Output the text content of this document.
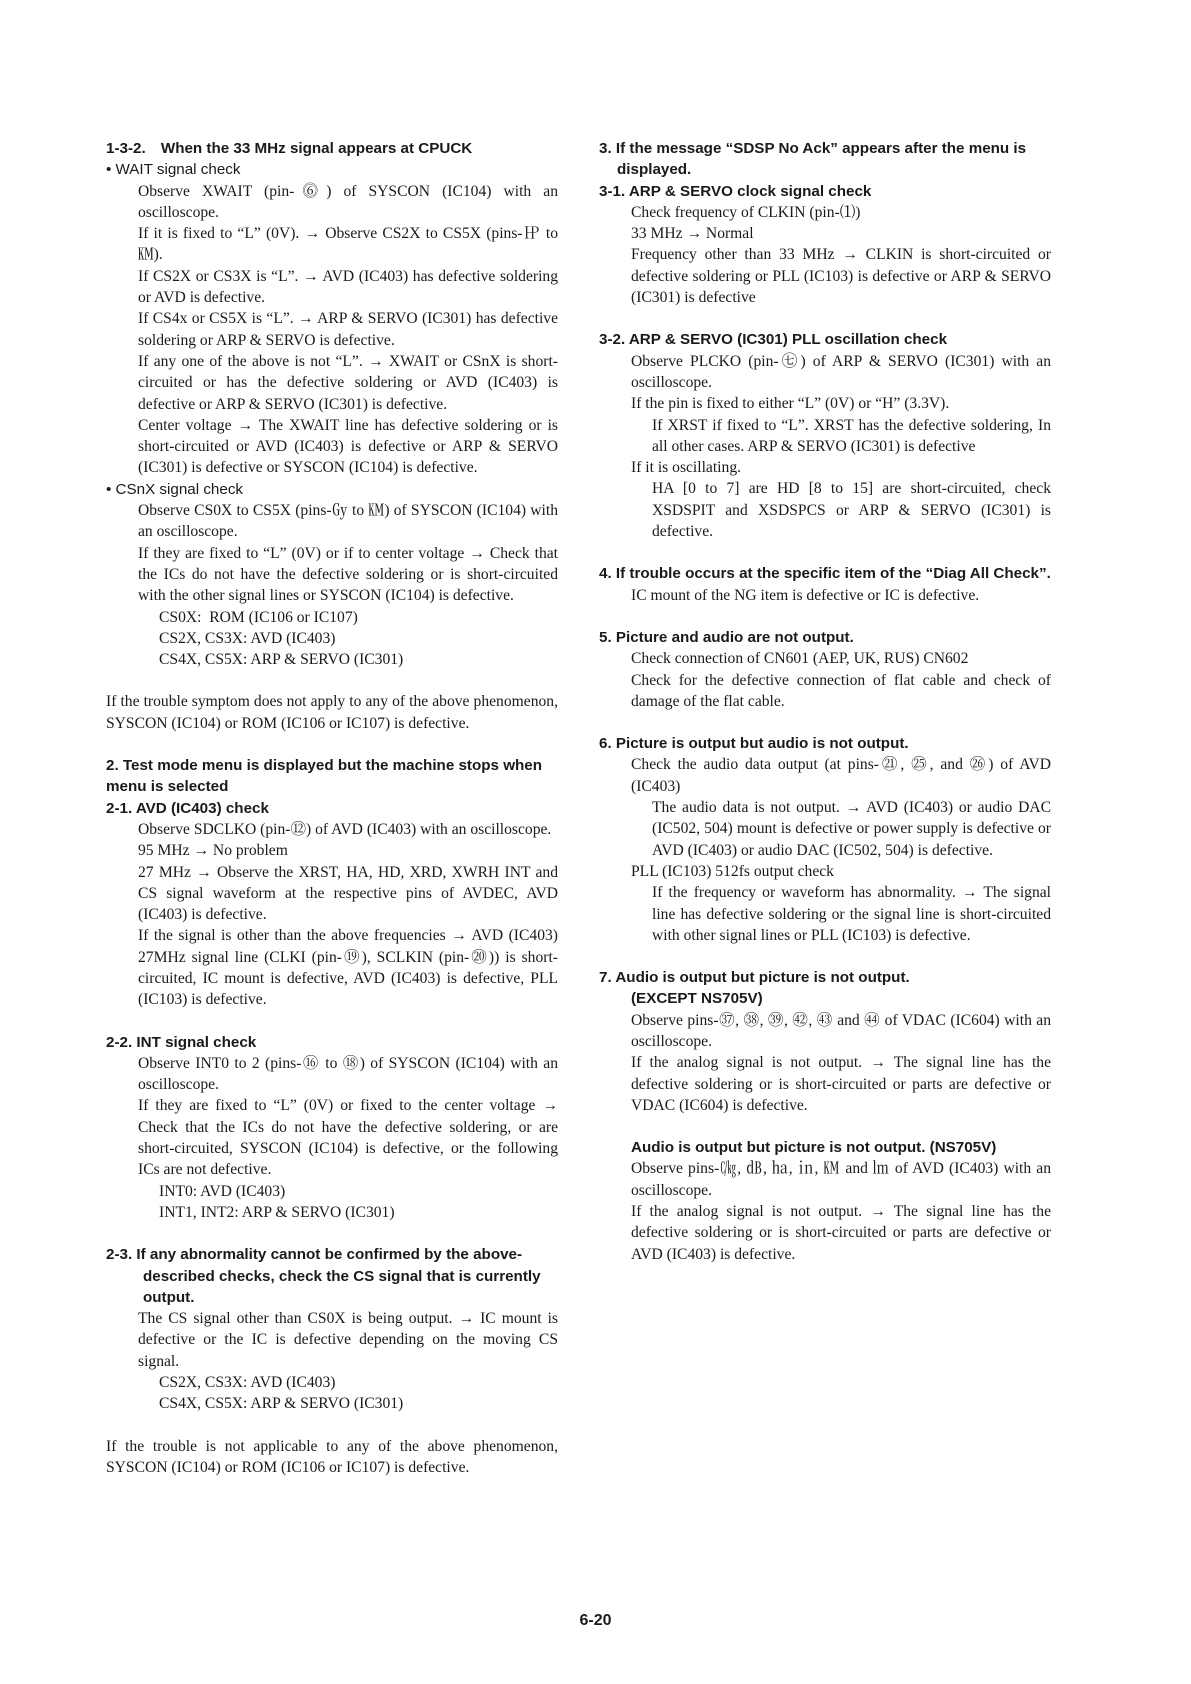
1-3-2. When the 33 MHz signal appears at CPUCK
• WAIT signal check
Observe XWAIT (pin-⓺) of SYSCON (IC104) with an oscilloscope.
If it is fixed to “L” (0V). → Observe CS2X to CS5X (pins-㏋ to ㏎).
If CS2X or CS3X is “L”. → AVD (IC403) has defective soldering or AVD is defective.
If CS4x or CS5X is “L”. → ARP & SERVO (IC301) has defective soldering or ARP & SERVO is defective.
If any one of the above is not “L”. → XWAIT or CSnX is short-circuited or has the defective soldering or AVD (IC403) is defective or ARP & SERVO (IC301) is defective.
Center voltage → The XWAIT line has defective soldering or is short-circuited or AVD (IC403) is defective or ARP & SERVO (IC301) is defective or SYSCON (IC104) is defective.
• CSnX signal check
Observe CS0X to CS5X (pins-㏉ to ㏎) of SYSCON (IC104) with an oscilloscope.
If they are fixed to “L” (0V) or if to center voltage → Check that the ICs do not have the defective soldering or is short-circuited with the other signal lines or SYSCON (IC104) is defective.
CS0X: ROM (IC106 or IC107)
CS2X, CS3X: AVD (IC403)
CS4X, CS5X: ARP & SERVO (IC301)
If the trouble symptom does not apply to any of the above phenomenon, SYSCON (IC104) or ROM (IC106 or IC107) is defective.
2. Test mode menu is displayed but the machine stops when menu is selected
2-1. AVD (IC403) check
Observe SDCLKO (pin-⑫) of AVD (IC403) with an oscilloscope.
95 MHz → No problem
27 MHz → Observe the XRST, HA, HD, XRD, XWRH INT and CS signal waveform at the respective pins of AVDEC, AVD (IC403) is defective.
If the signal is other than the above frequencies → AVD (IC403) 27MHz signal line (CLKI (pin-⑲), SCLKIN (pin-⑳)) is short-circuited, IC mount is defective, AVD (IC403) is defective, PLL (IC103) is defective.
2-2. INT signal check
Observe INT0 to 2 (pins-⑯ to ⑱) of SYSCON (IC104) with an oscilloscope.
If they are fixed to “L” (0V) or fixed to the center voltage → Check that the ICs do not have the defective soldering, or are short-circuited, SYSCON (IC104) is defective, or the following ICs are not defective.
INT0: AVD (IC403)
INT1, INT2: ARP & SERVO (IC301)
2-3. If any abnormality cannot be confirmed by the above-described checks, check the CS signal that is currently output.
The CS signal other than CS0X is being output. → IC mount is defective or the IC is defective depending on the moving CS signal.
CS2X, CS3X: AVD (IC403)
CS4X, CS5X: ARP & SERVO (IC301)
If the trouble is not applicable to any of the above phenomenon, SYSCON (IC104) or ROM (IC106 or IC107) is defective.
3. If the message “SDSP No Ack” appears after the menu is displayed.
3-1. ARP & SERVO clock signal check
Check frequency of CLKIN (pin-⑴)
33 MHz → Normal
Frequency other than 33 MHz → CLKIN is short-circuited or defective soldering or PLL (IC103) is defective or ARP & SERVO (IC301) is defective
3-2. ARP & SERVO (IC301) PLL oscillation check
Observe PLCKO (pin-㊆) of ARP & SERVO (IC301) with an oscilloscope.
If the pin is fixed to either “L” (0V) or “H” (3.3V).
If XRST if fixed to “L”. XRST has the defective soldering, In all other cases. ARP & SERVO (IC301) is defective
If it is oscillating.
HA [0 to 7] are HD [8 to 15] are short-circuited, check XSDSPIT and XSDSPCS or ARP & SERVO (IC301) is defective.
4. If trouble occurs at the specific item of the “Diag All Check”.
IC mount of the NG item is defective or IC is defective.
5. Picture and audio are not output.
Check connection of CN601 (AEP, UK, RUS) CN602
Check for the defective connection of flat cable and check of damage of the flat cable.
6. Picture is output but audio is not output.
Check the audio data output (at pins-㉑, ㉕, and ㉖) of AVD (IC403)
The audio data is not output. → AVD (IC403) or audio DAC (IC502, 504) mount is defective or power supply is defective or AVD (IC403) or audio DAC (IC502, 504) is defective.
PLL (IC103) 512fs output check
If the frequency or waveform has abnormality. → The signal line has defective soldering or the signal line is short-circuited with other signal lines or PLL (IC103) is defective.
7. Audio is output but picture is not output.
(EXCEPT NS705V)
Observe pins-㊲, ㊳, ㊴, ㊷, ㊸ and ㊹ of VDAC (IC604) with an oscilloscope.
If the analog signal is not output. → The signal line has the defective soldering or is short-circuited or parts are defective or VDAC (IC604) is defective.
Audio is output but picture is not output. (NS705V)
Observe pins-㏆, ㏈, ㏊, ㏌, ㏎ and ㏐ of AVD (IC403) with an oscilloscope.
If the analog signal is not output. → The signal line has the defective soldering or is short-circuited or parts are defective or AVD (IC403) is defective.
6-20
